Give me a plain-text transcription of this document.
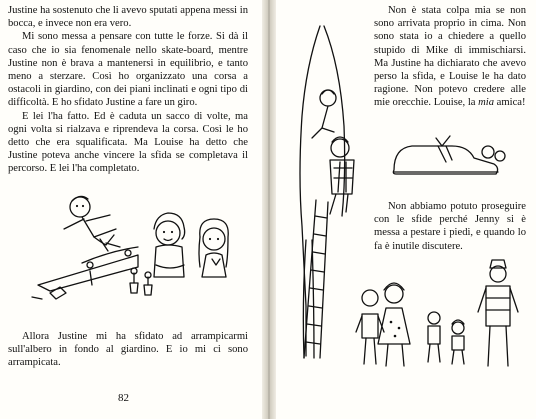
Justine ha sostenuto che li avevo sputati appena messi in bocca, e invece non era vero.

Mi sono messa a pensare con tutte le forze. Si dà il caso che io sia fenomenale nello skate-board, mentre Justine non è brava a mantenersi in equilibrio, e tanto meno a sterzare. Così ho organizzato una corsa a ostacoli in giardino, con dei piani inclinati e ogni tipo di difficoltà. E ho sfidato Justine a fare un giro.

E lei l'ha fatto. Ed è caduta un sacco di volte, ma ogni volta si rialzava e riprendeva la corsa. Così le ho detto che era squalificata. Ma Louise ha detto che Justine poteva anche vincere la sfida se completava il percorso. E lei l'ha completato.

Allora Justine mi ha sfidato ad arrampicarmi sull'albero in fondo al giardino. E io mi ci sono arrampicata.

82

Non è stata colpa mia se non sono arrivata proprio in cima. Non sono stata io a chiedere a quello stupido di Mike di immischiarsi. Ma Justine ha dichiarato che avevo perso la sfida, e Louise le ha dato ragione. Non potevo credere alle mie orecchie. Louise, la mia amica!

Non abbiamo potuto proseguire con le sfide perché Jenny si è messa a pestare i piedi, e quando lo fa è inutile discutere.
